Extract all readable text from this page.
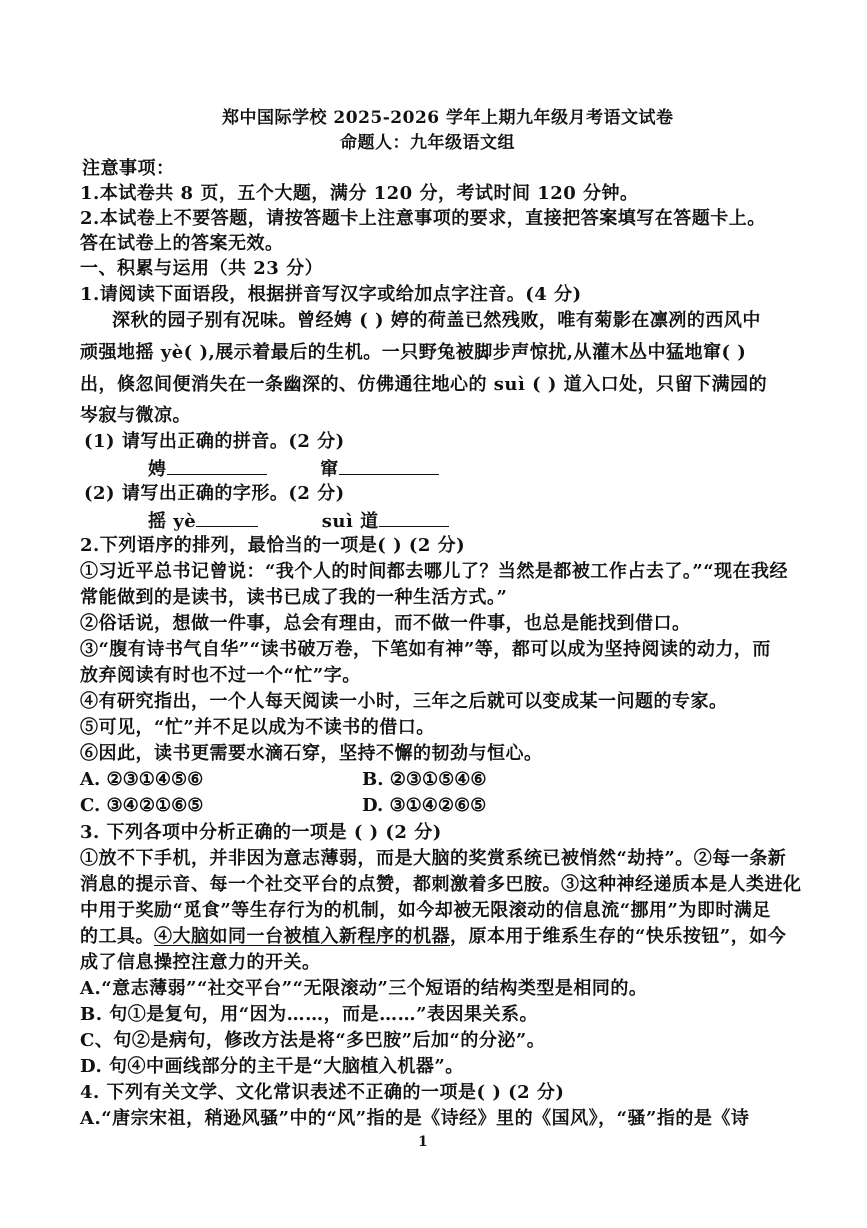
郑中国际学校 2025-2026 学年上期九年级月考语文试卷
命题人：九年级语文组
注意事项：
1.本试卷共 8 页，五个大题，满分 120 分，考试时间 120 分钟。
2.本试卷上不要答题，请按答题卡上注意事项的要求，直接把答案填写在答题卡上。
答在试卷上的答案无效。
一、积累与运用（共 23 分）
1.请阅读下面语段，根据拼音写汉字或给加点字注音。(4 分)
深秋的园子别有况味。曾经娉 ( ) 婷的荷盖已然残败，唯有菊影在凛冽的西风中
顽强地摇 yè( ),展示着最后的生机。一只野兔被脚步声惊扰,从灌木丛中猛地窜( )
出，倏忽间便消失在一条幽深的、仿佛通往地心的 suì ( ) 道入口处，只留下满园的
岑寂与微凉。
(1) 请写出正确的拼音。(2 分)
娉	窜
(2) 请写出正确的字形。(2 分)
摇 yè	suì 道
2.下列语序的排列，最恰当的一项是( ) (2 分)
①习近平总书记曾说：“我个人的时间都去哪儿了？当然是都被工作占去了。”“现在我经
常能做到的是读书，读书已成了我的一种生活方式。”
②俗话说，想做一件事，总会有理由，而不做一件事，也总是能找到借口。
③“腹有诗书气自华”“读书破万卷，下笔如有神”等，都可以成为坚持阅读的动力，而
放弃阅读有时也不过一个“忙”字。
④有研究指出，一个人每天阅读一小时，三年之后就可以变成某一问题的专家。
⑤可见，“忙”并不足以成为不读书的借口。
⑥因此，读书更需要水滴石穿，坚持不懈的韧劲与恒心。
A. ②③①④⑤⑥	B. ②③①⑤④⑥
C. ③④②①⑥⑤	D. ③①④②⑥⑤
3. 下列各项中分析正确的一项是 ( ) (2 分)
①放不下手机，并非因为意志薄弱，而是大脑的奖赏系统已被悄然“劫持”。②每一条新
消息的提示音、每一个社交平台的点赞，都刺激着多巴胺。③这种神经递质本是人类进化
中用于奖励“觅食”等生存行为的机制，如今却被无限滚动的信息流“挪用”为即时满足
的工具。④大脑如同一台被植入新程序的机器，原本用于维系生存的“快乐按钮”，如今
成了信息操控注意力的开关。
A.“意志薄弱”“社交平台”“无限滚动”三个短语的结构类型是相同的。
B. 句①是复句，用“因为……，而是……”表因果关系。
C、句②是病句，修改方法是将“多巴胺”后加“的分泌”。
D. 句④中画线部分的主干是“大脑植入机器”。
4. 下列有关文学、文化常识表述不正确的一项是( ) (2 分)
A.“唐宗宋祖，稍逊风骚”中的“风”指的是《诗经》里的《国风》，“骚”指的是《诗
1
